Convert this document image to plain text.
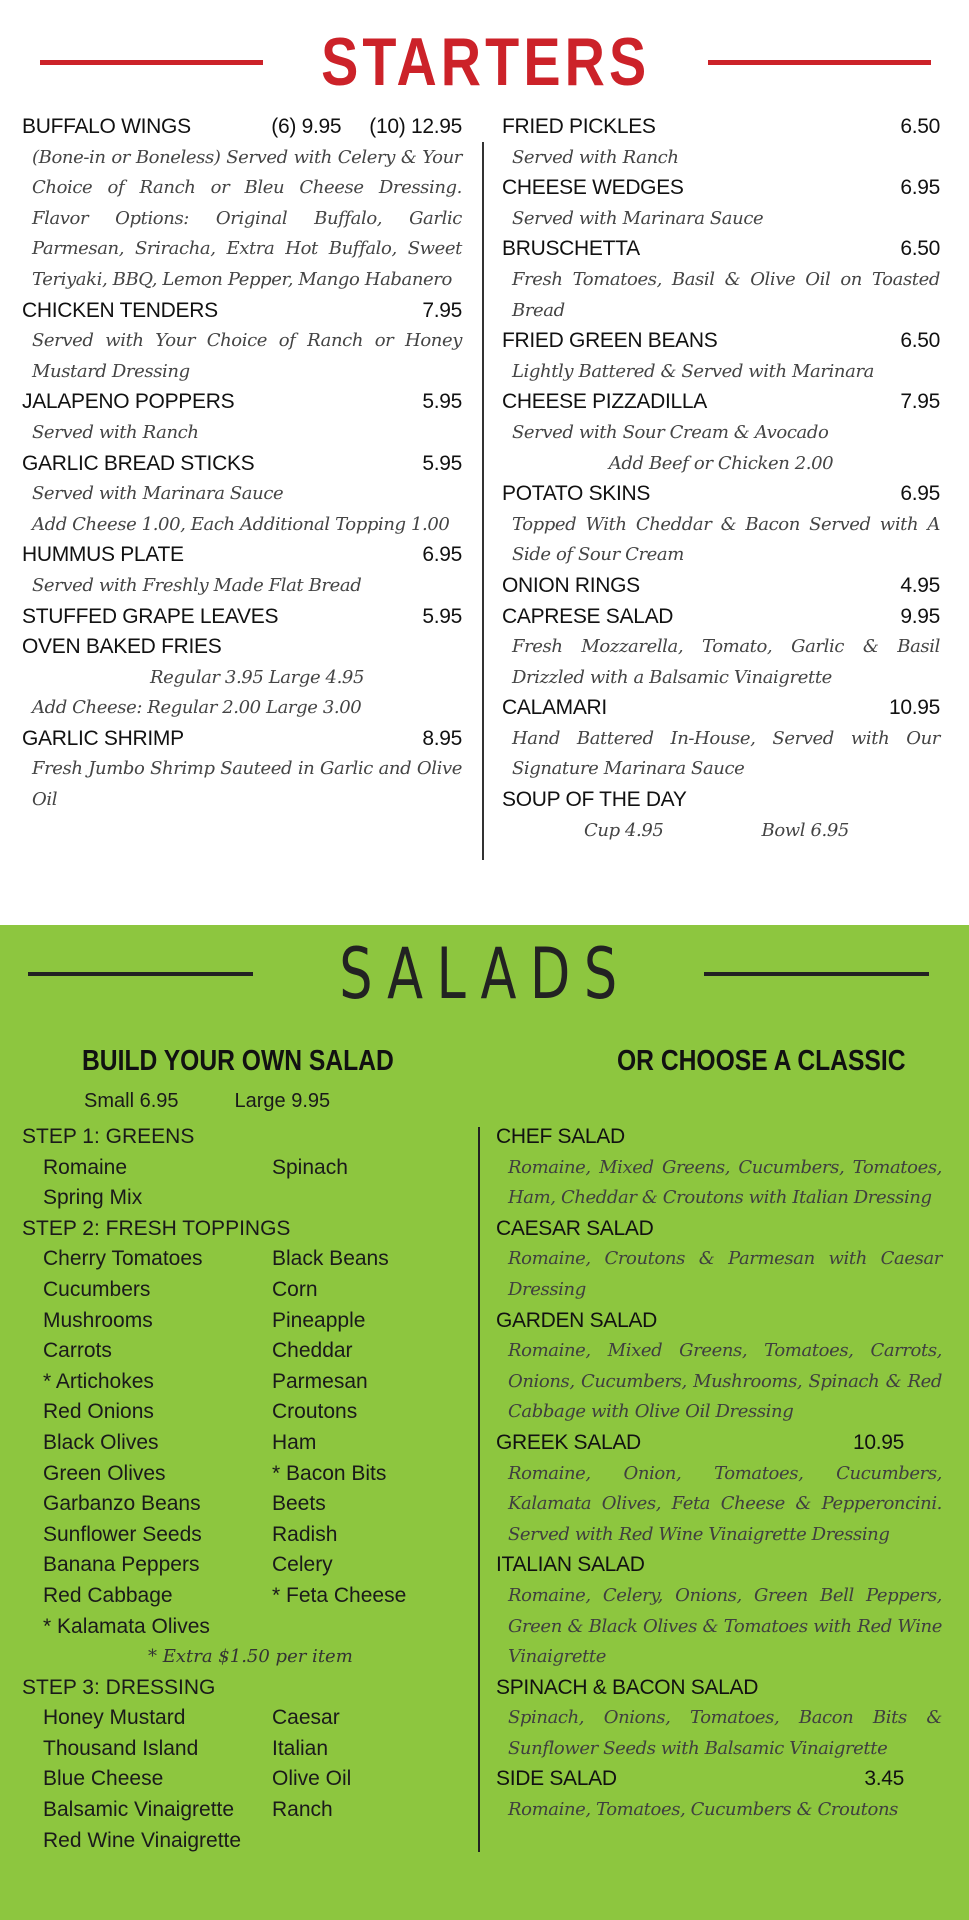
STARTERS
BUFFALO WINGS	(6) 9.95 (10) 12.95
(Bone-in or Boneless) Served with Celery & Your Choice of Ranch or Bleu Cheese Dressing. Flavor Options: Original Buffalo, Garlic Parmesan, Sriracha, Extra Hot Buffalo, Sweet Teriyaki, BBQ, Lemon Pepper, Mango Habanero
CHICKEN TENDERS	7.95
Served with Your Choice of Ranch or Honey Mustard Dressing
JALAPENO POPPERS	5.95
Served with Ranch
GARLIC BREAD STICKS	5.95
Served with Marinara Sauce
Add Cheese 1.00, Each Additional Topping 1.00
HUMMUS PLATE	6.95
Served with Freshly Made Flat Bread
STUFFED GRAPE LEAVES	5.95
OVEN BAKED FRIES
Regular 3.95 Large 4.95
Add Cheese: Regular 2.00 Large 3.00
GARLIC SHRIMP	8.95
Fresh Jumbo Shrimp Sauteed in Garlic and Olive Oil
FRIED PICKLES	6.50
Served with Ranch
CHEESE WEDGES	6.95
Served with Marinara Sauce
BRUSCHETTA	6.50
Fresh Tomatoes, Basil & Olive Oil on Toasted Bread
FRIED GREEN BEANS	6.50
Lightly Battered & Served with Marinara
CHEESE PIZZADILLA	7.95
Served with Sour Cream & Avocado
Add Beef or Chicken 2.00
POTATO SKINS	6.95
Topped With Cheddar & Bacon Served with A Side of Sour Cream
ONION RINGS	4.95
CAPRESE SALAD	9.95
Fresh Mozzarella, Tomato, Garlic & Basil Drizzled with a Balsamic Vinaigrette
CALAMARI	10.95
Hand Battered In-House, Served with Our Signature Marinara Sauce
SOUP OF THE DAY
Cup 4.95	Bowl 6.95
SALADS
BUILD YOUR OWN SALAD
Small 6.95	Large 9.95
OR CHOOSE A CLASSIC
STEP 1: GREENS
Romaine	Spinach
Spring Mix
STEP 2: FRESH TOPPINGS
Cherry Tomatoes	Black Beans
Cucumbers	Corn
Mushrooms	Pineapple
Carrots	Cheddar
* Artichokes	Parmesan
Red Onions	Croutons
Black Olives	Ham
Green Olives	* Bacon Bits
Garbanzo Beans	Beets
Sunflower Seeds	Radish
Banana Peppers	Celery
Red Cabbage	* Feta Cheese
* Kalamata Olives
* Extra $1.50 per item
STEP 3: DRESSING
Honey Mustard	Caesar
Thousand Island	Italian
Blue Cheese	Olive Oil
Balsamic Vinaigrette	Ranch
Red Wine Vinaigrette
CHEF SALAD
Romaine, Mixed Greens, Cucumbers, Tomatoes, Ham, Cheddar & Croutons with Italian Dressing
CAESAR SALAD
Romaine, Croutons & Parmesan with Caesar Dressing
GARDEN SALAD
Romaine, Mixed Greens, Tomatoes, Carrots, Onions, Cucumbers, Mushrooms, Spinach & Red Cabbage with Olive Oil Dressing
GREEK SALAD	10.95
Romaine, Onion, Tomatoes, Cucumbers, Kalamata Olives, Feta Cheese & Pepperoncini. Served with Red Wine Vinaigrette Dressing
ITALIAN SALAD
Romaine, Celery, Onions, Green Bell Peppers, Green & Black Olives & Tomatoes with Red Wine Vinaigrette
SPINACH & BACON SALAD
Spinach, Onions, Tomatoes, Bacon Bits & Sunflower Seeds with Balsamic Vinaigrette
SIDE SALAD	3.45
Romaine, Tomatoes, Cucumbers & Croutons
